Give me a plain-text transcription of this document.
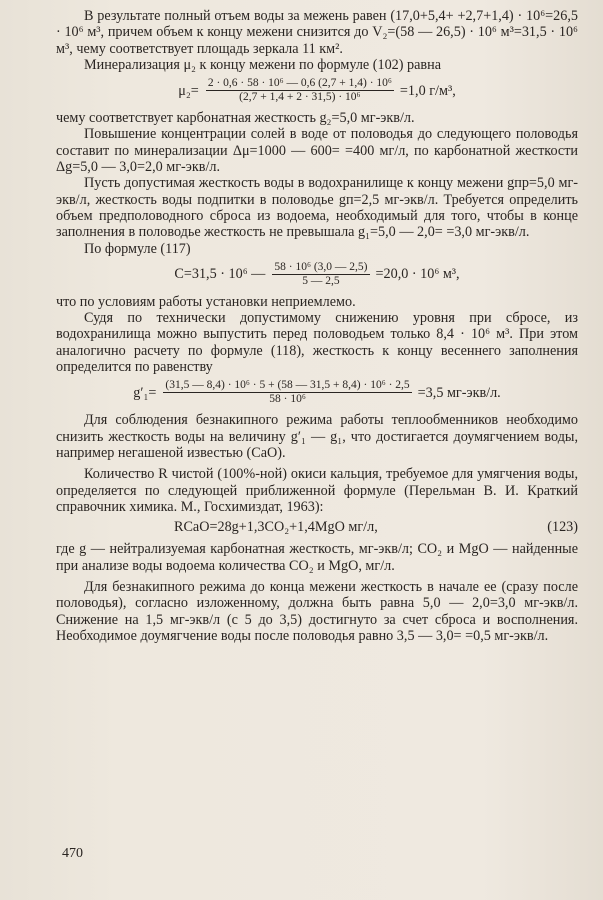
В результате полный отъем воды за межень равен (17,0+5,4+ +2,7+1,4) · 10⁶=26,5 · 10⁶ м³, причем объем к концу межени снизится до V₂=(58 — 26,5) · 10⁶ м³=31,5 · 10⁶ м³, чему соответствует площадь зеркала 11 км².

Минерализация μ₂ к концу межени по формуле (102) равна

$\mu_2= \frac{\text{2 · 0,6 · 58 · 10⁶ — 0,6 (2,7 + 1,4) · 10⁶}}{\text{(2,7 + 1,4 + 2 · 31,5) · 10⁶}} =1,0$ г/м³,

чему соответствует карбонатная жесткость g₂=5,0 мг-экв/л.

Повышение концентрации солей в воде от половодья до следующего половодья составит по минерализации Δμ=1000 — 600= =400 мг/л, по карбонатной жесткости Δg=5,0 — 3,0=2,0 мг-экв/л.

Пусть допустимая жесткость воды в водохранилище к концу межени gпр=5,0 мг-экв/л, жесткость воды подпитки в половодье gп=2,5 мг-экв/л. Требуется определить объем предполоводного сброса из водоема, необходимый для того, чтобы в конце заполнения в половодье жесткость не превышала g₁=5,0 — 2,0= =3,0 мг-экв/л.

По формуле (117)

C=31,5 · 10⁶ — $\frac{\text{58 · 10⁶ (3,0 — 2,5)}}{5 — 2,5} =20,0 \cdot 10^6$ м³,

что по условиям работы установки неприемлемо.

Судя по технически допустимому снижению уровня при сбросе, из водохранилища можно выпустить перед половодьем только 8,4 · 10⁶ м³. При этом аналогично расчету по формуле (118), жесткость к концу весеннего заполнения определится по равенству

$g'_1= \frac{\text{(31,5 — 8,4) · 10⁶ · 5 + (58 — 31,5 + 8,4) · 10⁶ · 2,5}}{\text{58 · 10⁶}} =3,5$ мг-экв/л.

Для соблюдения безнакипного режима работы теплообменников необходимо снизить жесткость воды на величину g′₁ — g₁, что достигается доумягчением воды, например негашеной известью (СаО).

Количество R чистой (100%-ной) окиси кальция, требуемое для умягчения воды, определяется по следующей приближенной формуле (Перельман В. И. Краткий справочник химика. М., Госхимиздат, 1963):

RCaO=28g+1,3CO₂+1,4MgO мг/л,	(123)

где g — нейтрализуемая карбонатная жесткость, мг-экв/л; CO₂ и MgO — найденные при анализе воды водоема количества CO₂ и MgO, мг/л.

Для безнакипного режима до конца межени жесткость в начале ее (сразу после половодья), согласно изложенному, должна быть равна 5,0 — 2,0=3,0 мг-экв/л. Снижение на 1,5 мг-экв/л (с 5 до 3,5) достигнуто за счет сброса и восполнения. Необходимое доумягчение воды после половодья равно 3,5 — 3,0= =0,5 мг-экв/л.

470
